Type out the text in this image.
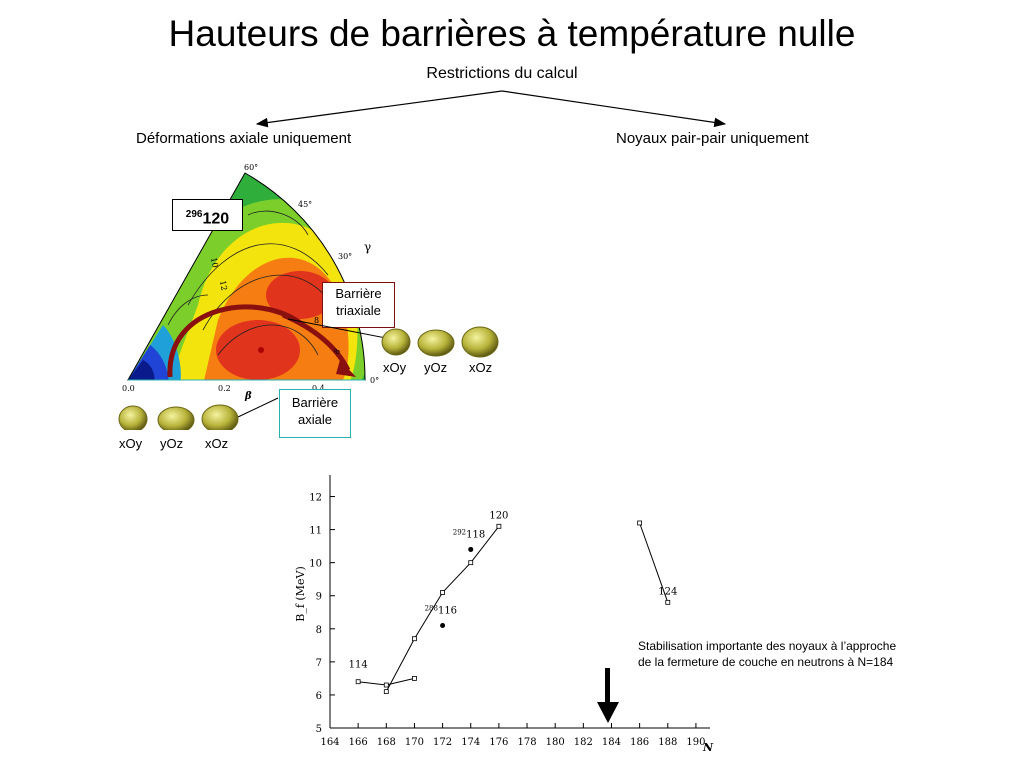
Hauteurs de barrières à température nulle
Restrictions du calcul
Déformations axiale uniquement	Noyaux pair-pair uniquement
60°
45°
30°
0°
γ
0.0	0.2
β
10
12
8
8
$^{296}$120
Barrière
triaxiale
Barrière
axiale
xOy yOz xOz
xOy yOz xOz
5
6
7
8
9
10
11
12
164 166 168 170 172 174 176 178 180 182 184 186 188 190
N
B_f (MeV)
114
120
124
$^{292}$118
$^{288}$116
Stabilisation importante des noyaux à l’approche de la fermeture de couche en neutrons à N=184
